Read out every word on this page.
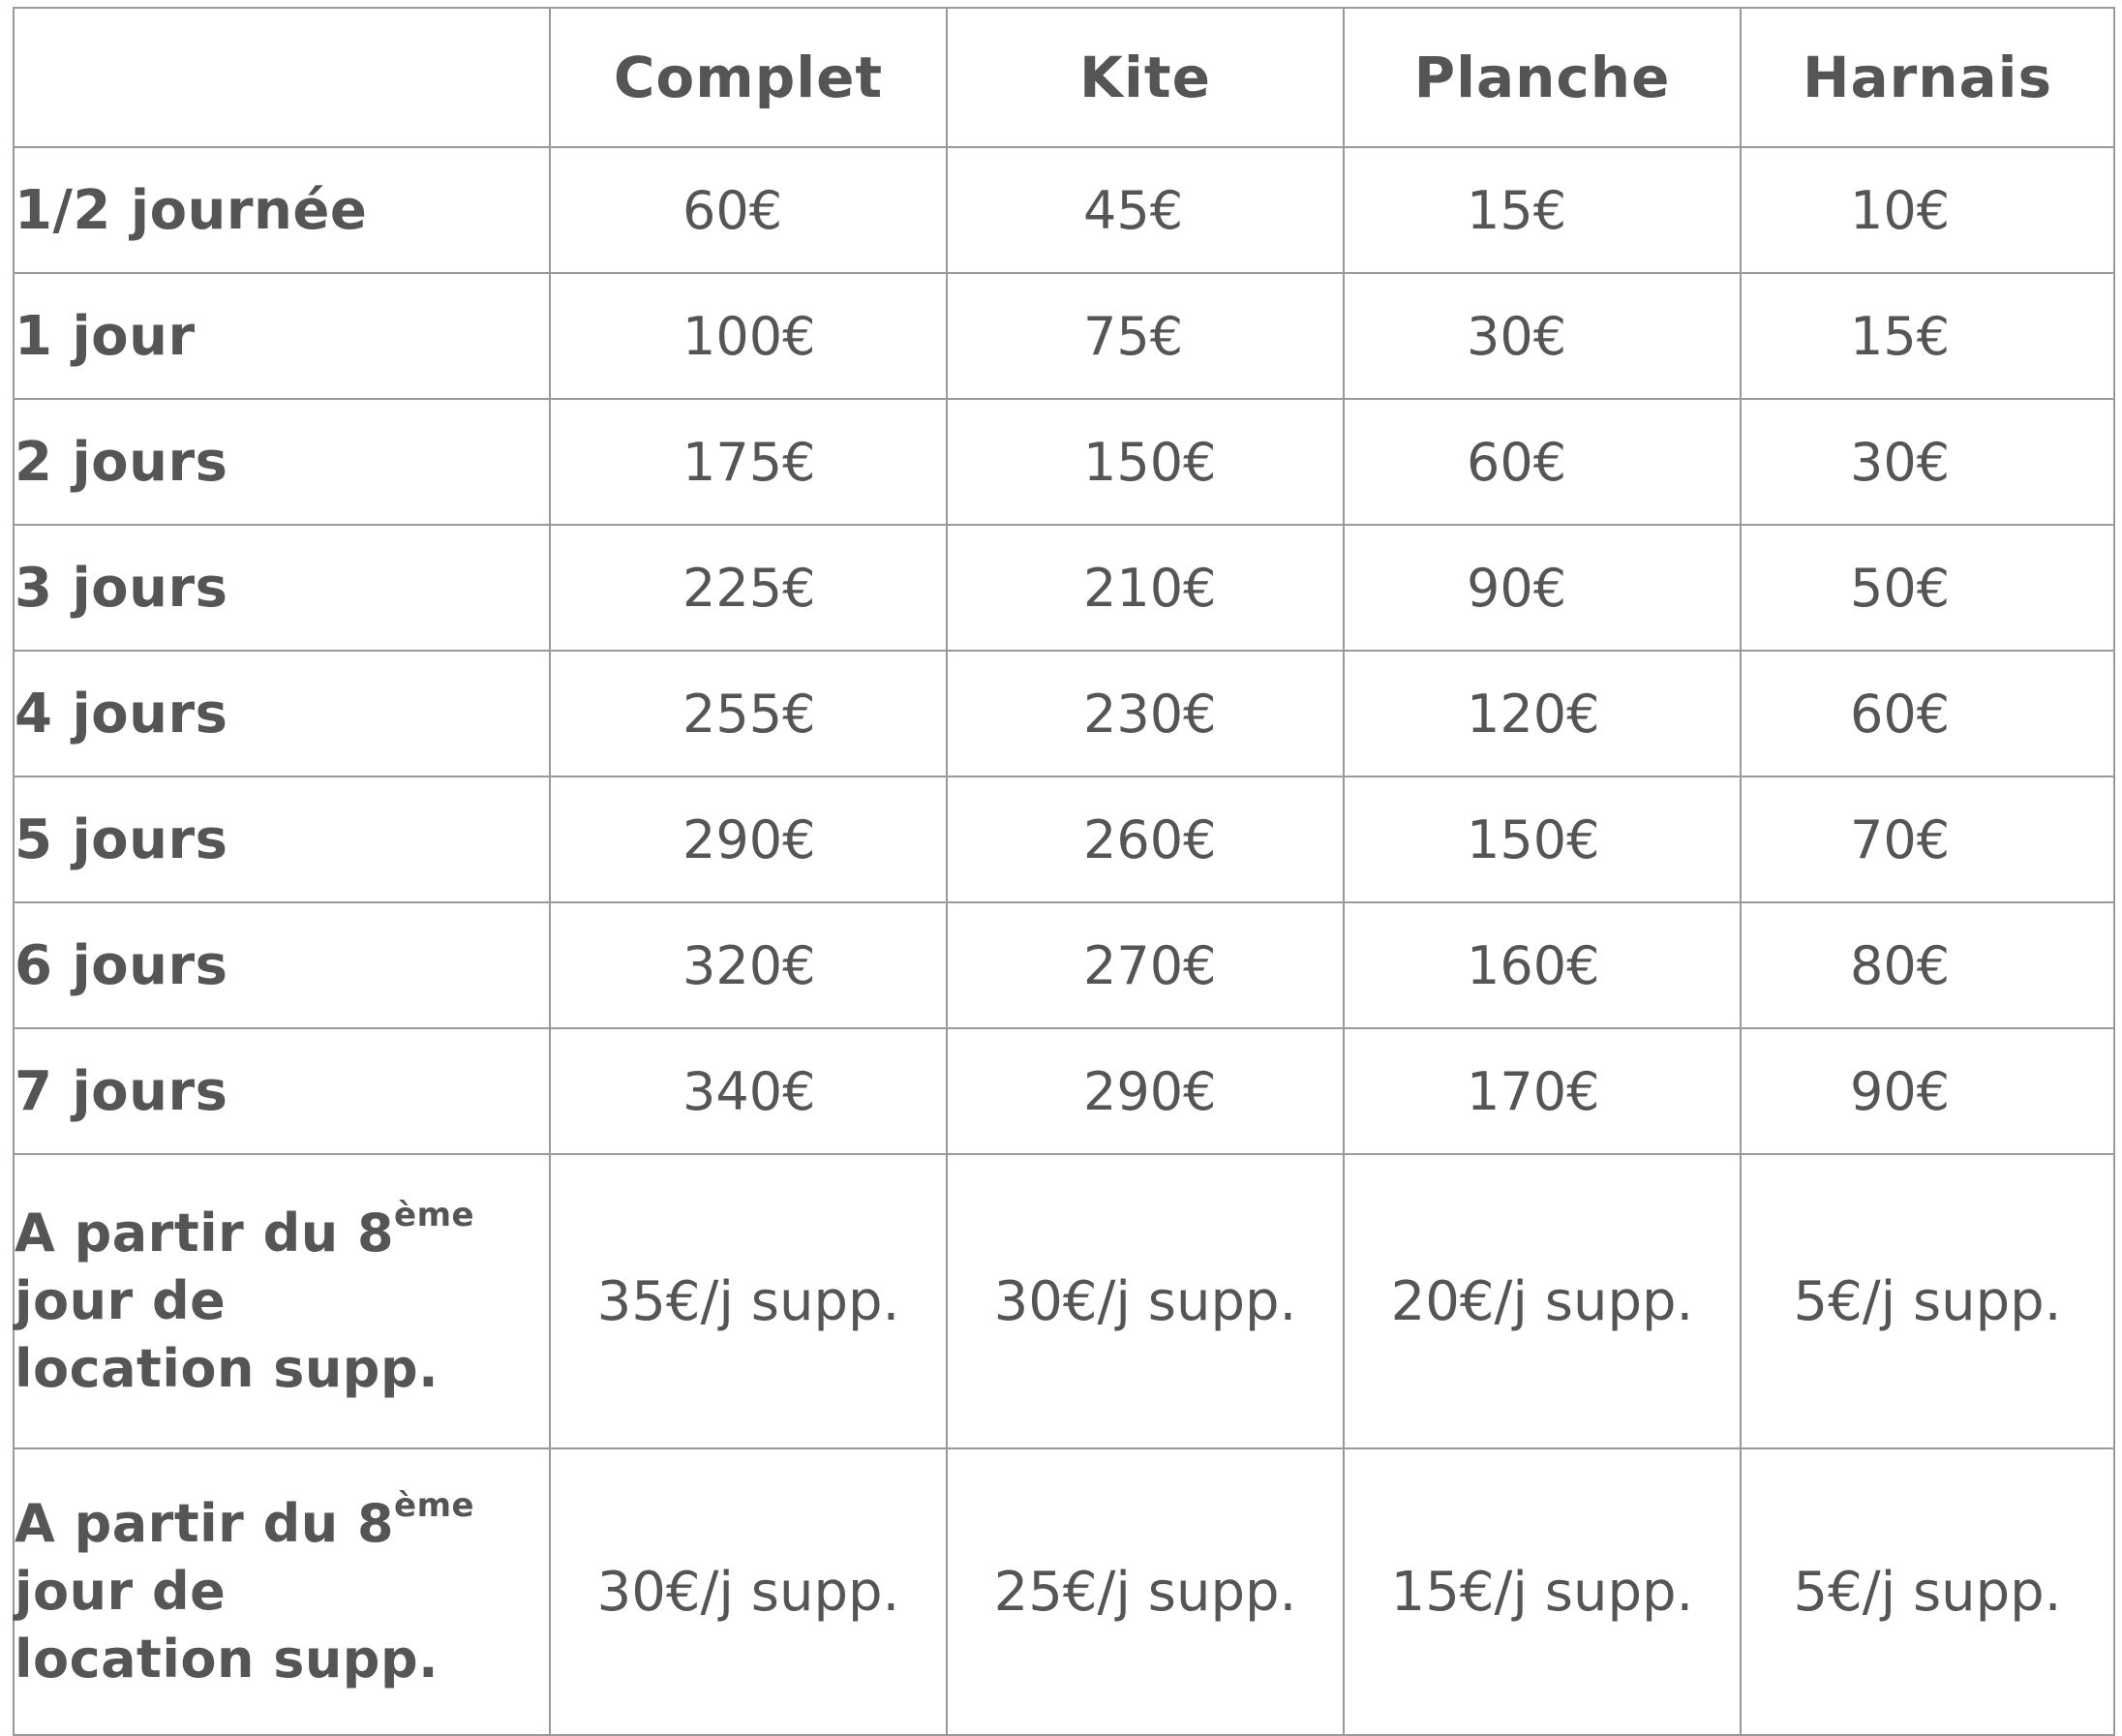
	Complet	Kite	Planche	Harnais
1/2 journée	60€	45€	15€	10€
1 jour	100€	75€	30€	15€
2 jours	175€	150€	60€	30€
3 jours	225€	210€	90€	50€
4 jours	255€	230€	120€	60€
5 jours	290€	260€	150€	70€
6 jours	320€	270€	160€	80€
7 jours	340€	290€	170€	90€
A partir du 8ème
jour de
location supp.	35€/j supp.	30€/j supp.	20€/j supp.	5€/j supp.
A partir du 8ème
jour de
location supp.	30€/j supp.	25€/j supp.	15€/j supp.	5€/j supp.
